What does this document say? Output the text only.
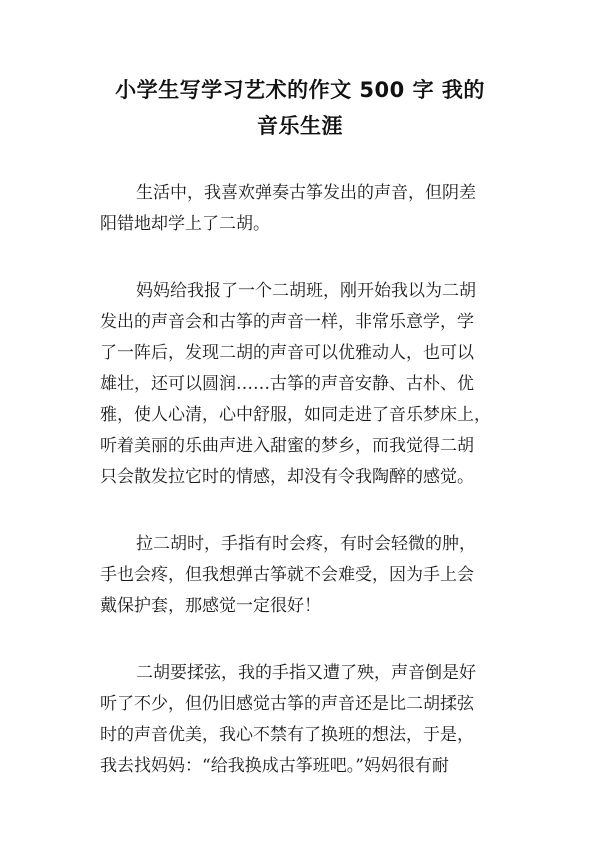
小学生写学习艺术的作文 500 字 我的
音乐生涯

生活中，我喜欢弹奏古筝发出的声音，但阴差
阳错地却学上了二胡。

妈妈给我报了一个二胡班，刚开始我以为二胡
发出的声音会和古筝的声音一样，非常乐意学，学
了一阵后，发现二胡的声音可以优雅动人，也可以
雄壮，还可以圆润……古筝的声音安静、古朴、优
雅，使人心清，心中舒服，如同走进了音乐梦床上，
听着美丽的乐曲声进入甜蜜的梦乡，而我觉得二胡
只会散发拉它时的情感，却没有令我陶醉的感觉。

拉二胡时，手指有时会疼，有时会轻微的肿，
手也会疼，但我想弹古筝就不会难受，因为手上会
戴保护套，那感觉一定很好！

二胡要揉弦，我的手指又遭了殃，声音倒是好
听了不少，但仍旧感觉古筝的声音还是比二胡揉弦
时的声音优美，我心不禁有了换班的想法，于是，
我去找妈妈：“给我换成古筝班吧。”妈妈很有耐
